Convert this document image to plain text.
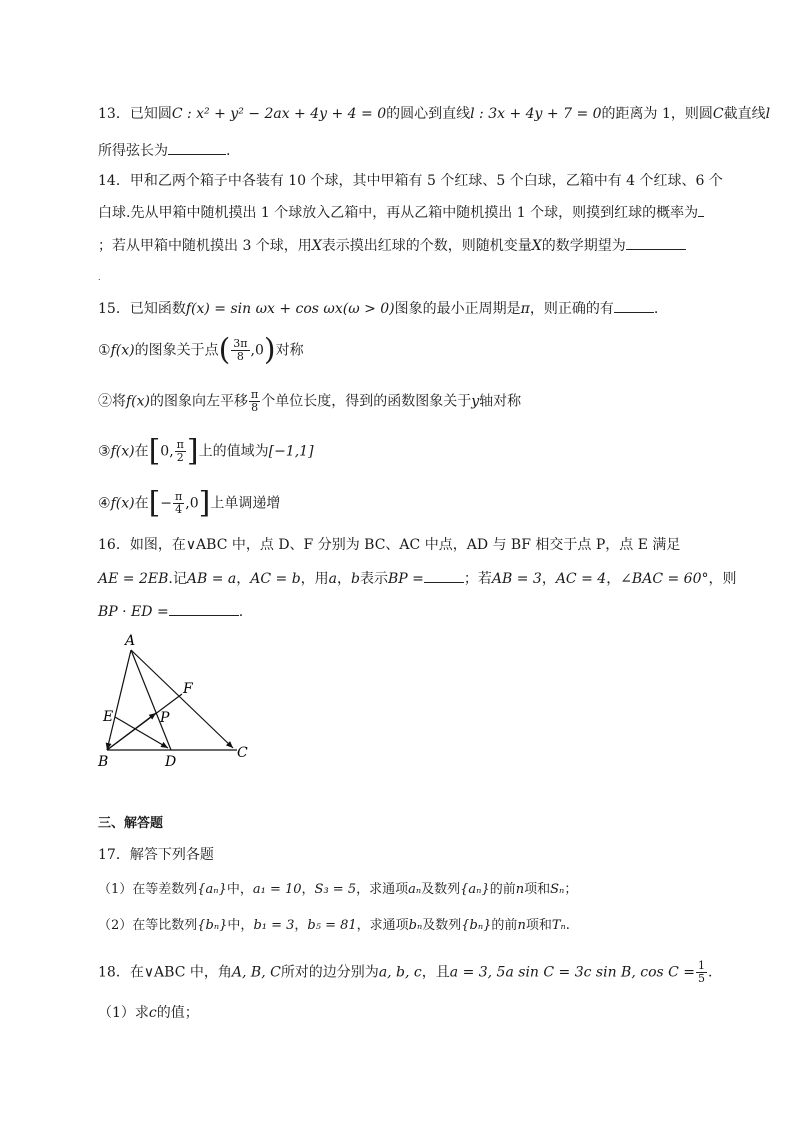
13．已知圆C : x² + y² − 2ax + 4y + 4 = 0的圆心到直线l : 3x + 4y + 7 = 0的距离为 1，则圆C截直线l
所得弦长为	.
14．甲和乙两个箱子中各装有 10 个球，其中甲箱有 5 个红球、5 个白球，乙箱中有 4 个红球、6 个
白球.先从甲箱中随机摸出 1 个球放入乙箱中，再从乙箱中随机摸出 1 个球，则摸到红球的概率为
；若从甲箱中随机摸出 3 个球，用X表示摸出红球的个数，则随机变量X的数学期望为
.
15．已知函数f(x) = sin ωx + cos ωx(ω > 0)图象的最小正周期是π，则正确的有	.
①f(x)的图象关于点( $\frac{3\pi}{8} ,0$)对称
②将f(x)的图象向左平移 $\frac{\pi}{8}$ 个单位长度，得到的函数图象关于y轴对称
③f(x)在[0, $\frac{\pi}{2}$ ]上的值域为[−1,1]
④f(x)在[− $\frac{\pi}{4} ,0$]上单调递增
16．如图，在∨ABC 中，点 D、F 分别为 BC、AC 中点，AD 与 BF 相交于点 P，点 E 满足
AE = 2EB.记AB = a，AC = b，用a，b表示BP =	；若AB = 3，AC = 4，∠BAC = 60°，则
BP · ED =	.
A
B
C
D
E
F
P
三、解答题
17．解答下列各题
（1）在等差数列{aₙ}中，a₁ = 10，S₃ = 5，求通项aₙ及数列{aₙ}的前n项和Sₙ；
（2）在等比数列{bₙ}中，b₁ = 3，b₅ = 81，求通项bₙ及数列{bₙ}的前n项和Tₙ.
18．在∨ABC 中，角A, B, C所对的边分别为a, b, c，且a = 3, 5a sin C = 3c sin B, $\cos C = \frac{1}{5}$ .
（1）求c的值；
